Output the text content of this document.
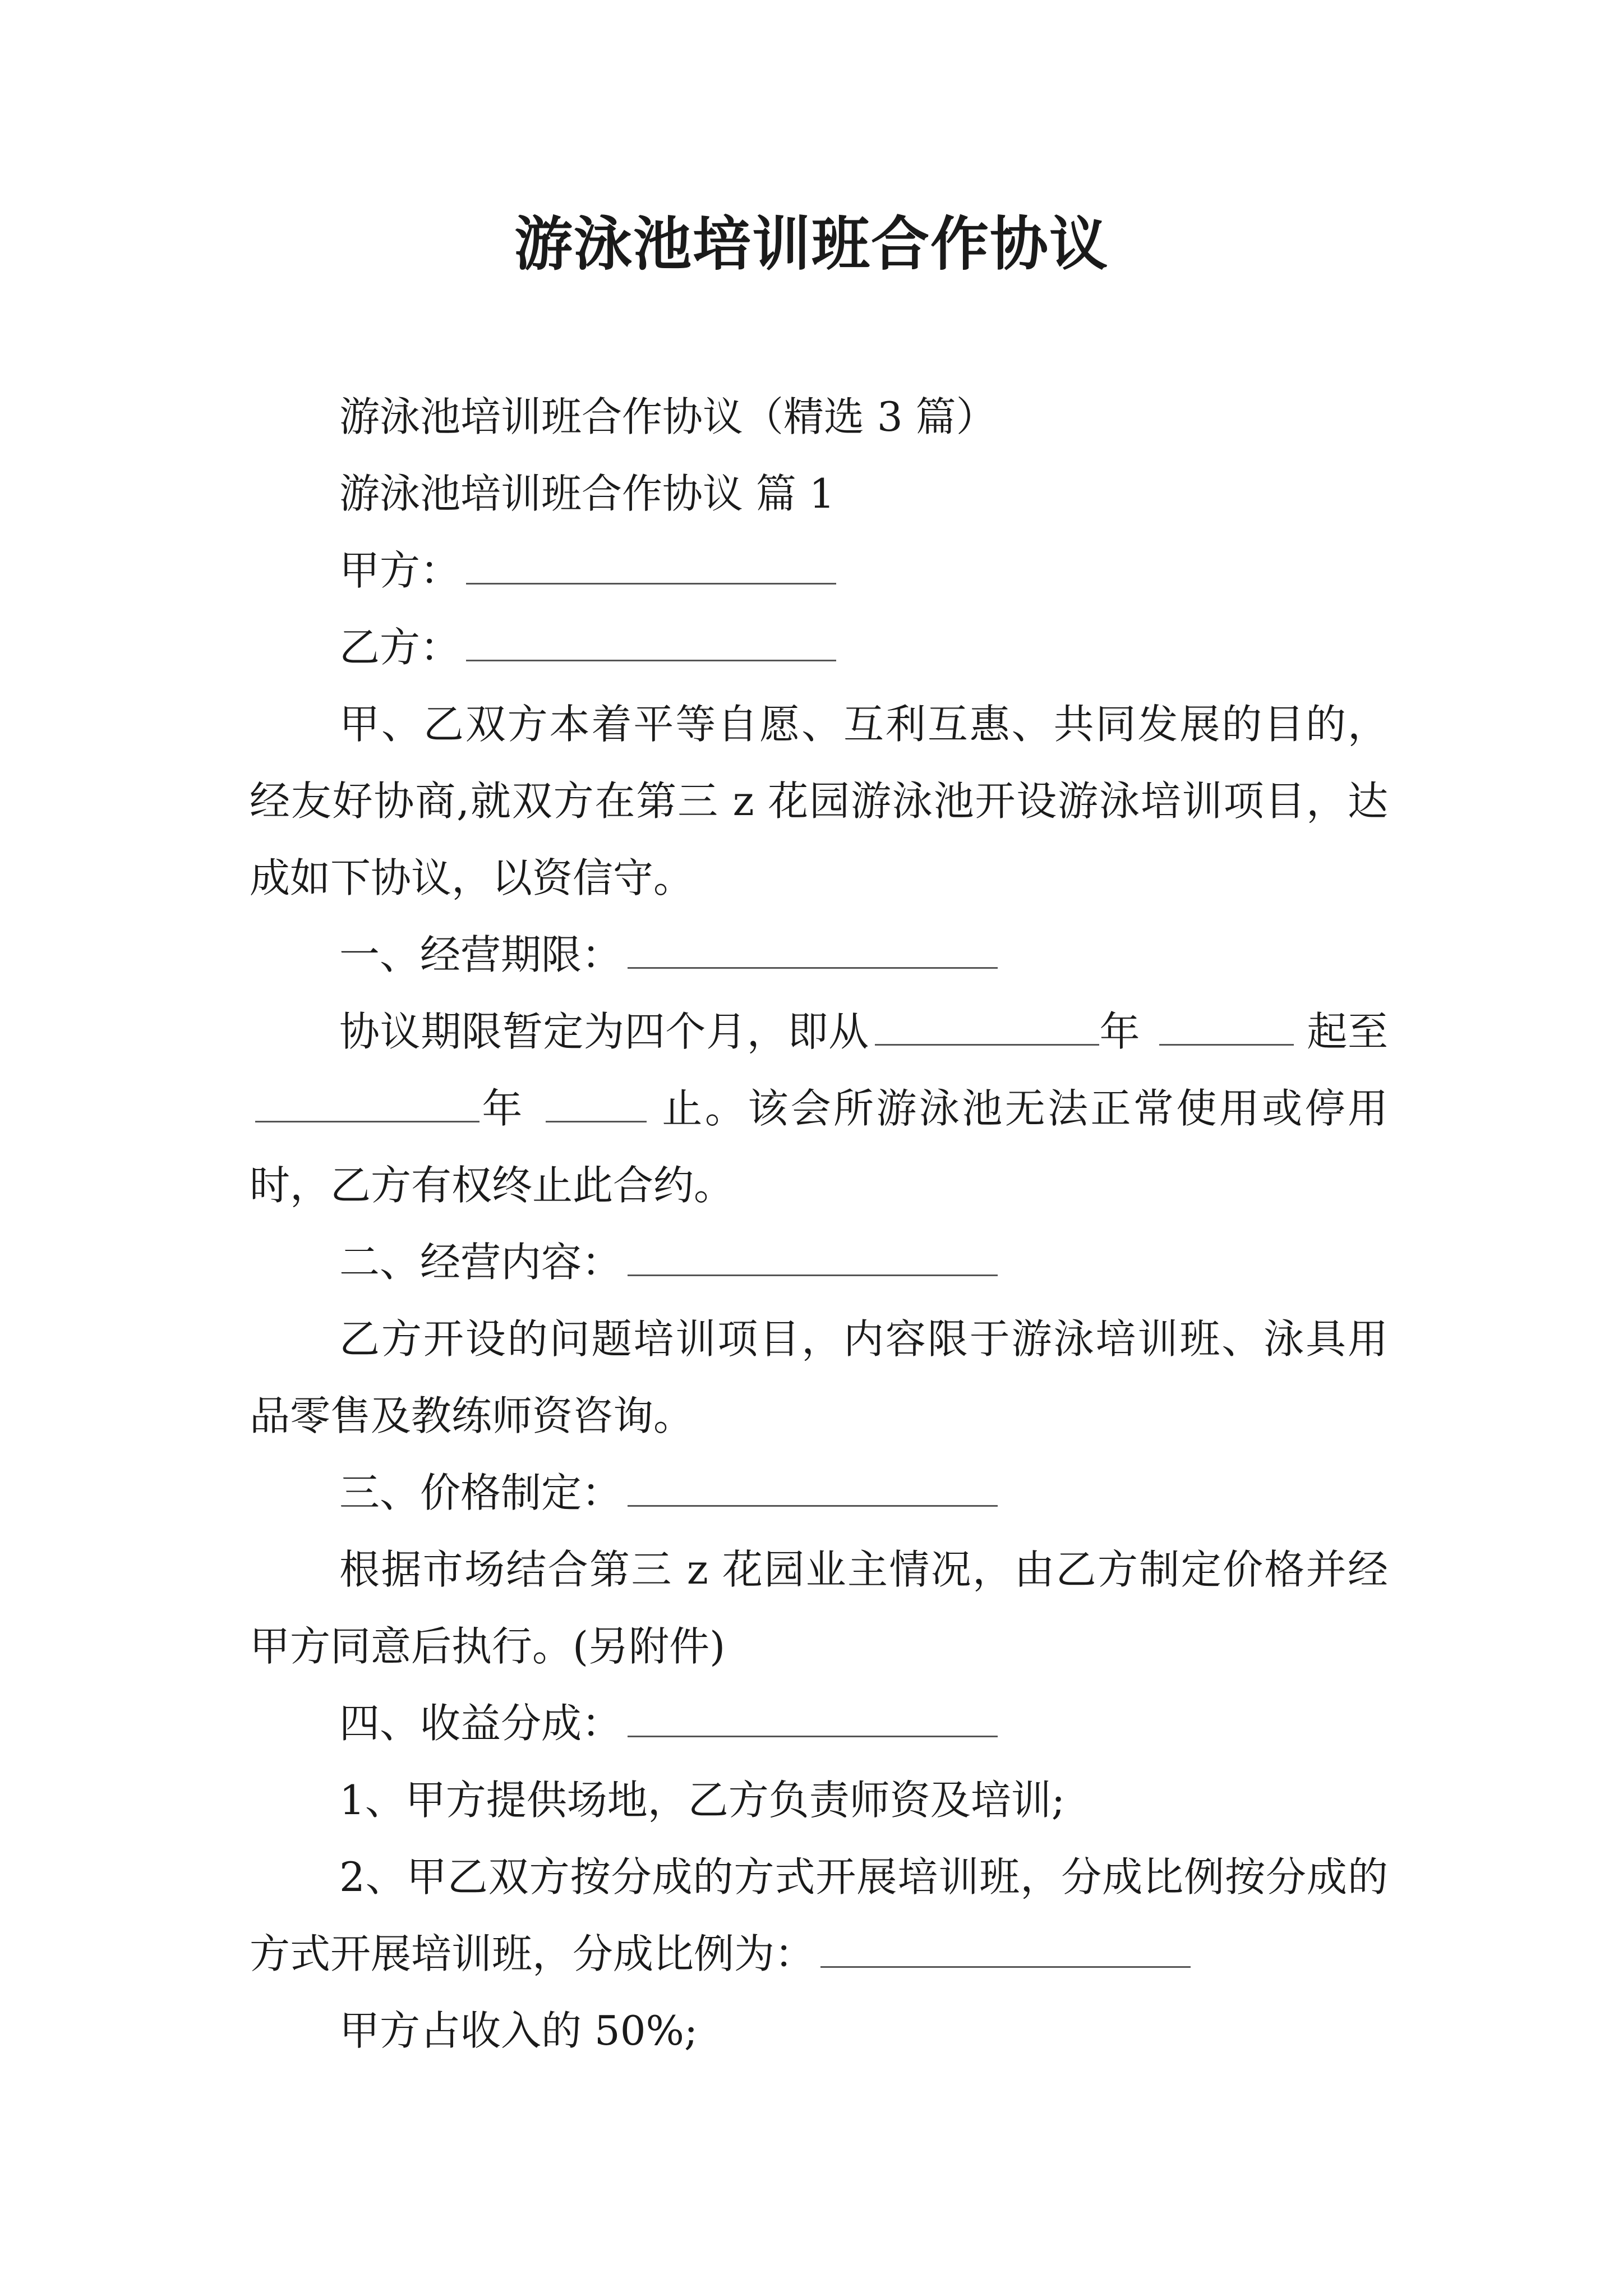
游泳池培训班合作协议

游泳池培训班合作协议（精选 3 篇）

游泳池培训班合作协议 篇 1

甲方：

乙方：

甲、乙双方本着平等自愿、互利互惠、共同发展的目的，经友好协商,就双方在第三 z 花园游泳池开设游泳培训项目，达成如下协议，以资信守。

一、经营期限：

协议期限暂定为四个月，即从	年	起至年	止。该会所游泳池无法正常使用或停用时，乙方有权终止此合约。

二、经营内容：

乙方开设的问题培训项目，内容限于游泳培训班、泳具用品零售及教练师资咨询。

三、价格制定：

根据市场结合第三 z 花园业主情况，由乙方制定价格并经甲方同意后执行。(另附件)

四、收益分成：

1、甲方提供场地，乙方负责师资及培训;

2、甲乙双方按分成的方式开展培训班，分成比例按分成的方式开展培训班，分成比例为：

甲方占收入的 50%;
